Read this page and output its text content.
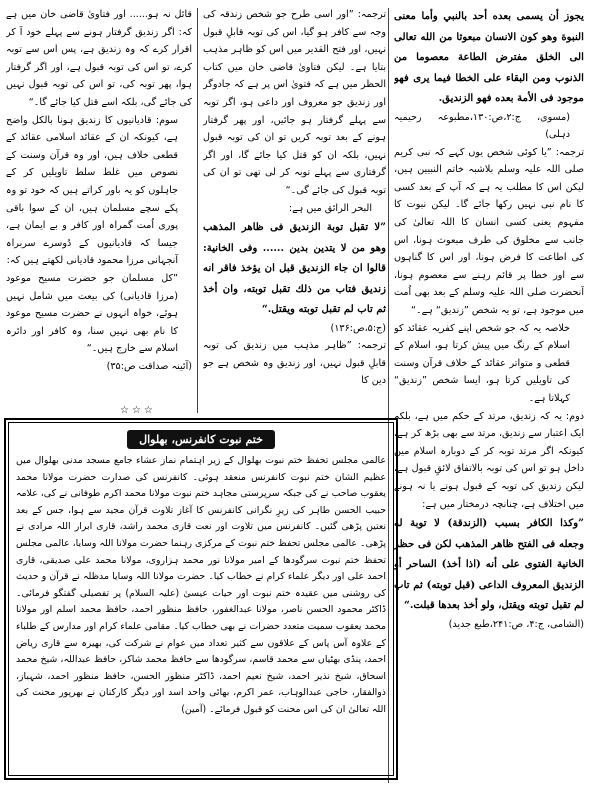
يجوز أن يسمى بعده أحد بالنبي وأما معنى النبوة وهو كون الانسان مبعوثا من الله تعالى الى الخلق مفترض الطاعة معصوما من الذنوب ومن البقاء على الخطا فيما يرى فهو موجود فى الأمة بعده فهو الزنديق.

(مسوی، ج:۲،ص:۱۳۰،مطبوعہ رحیمیہ دہلی)

ترجمہ: ”یا کوئی شخص یوں کہے کہ نبی کریم صلی اللہ علیہ وسلم بلاشبہ خاتم النبیین ہیں، لیکن اس کا مطلب یہ ہے کہ آپ کے بعد کسی کا نام نبی نہیں رکھا جائے گا۔ لیکن نبوت کا مفہوم یعنی کسی انسان کا اللہ تعالیٰ کی جانب سے مخلوق کی طرف مبعوث ہونا، اس کی اطاعت کا فرض ہونا، اور اس کا گناہوں سے اور خطا پر قائم رہنے سے معصوم ہونا، آنحضرت صلی اللہ علیہ وسلم کے بعد بھی اُمت میں موجود ہے، تو یہ شخص ”زندیق“ ہے۔“

خلاصہ یہ کہ جو شخص اپنے کفریہ عقائد کو اسلام کے رنگ میں پیش کرتا ہو، اسلام کے قطعی و متواتر عقائد کے خلاف قرآن وسنت کی تاویلیں کرتا ہو، ایسا شخص ”زندیق“ کہلاتا ہے۔

دوم: یہ کہ زندیق، مرتد کے حکم میں ہے، بلکہ ایک اعتبار سے زندیق، مرتد سے بھی بڑھ کر ہے، کیونکہ اگر مرتد توبہ کر کے دوبارہ اسلام میں داخل ہو تو اس کی توبہ بالاتفاق لائقِ قبول ہے، لیکن زندیق کی توبہ کے قبول ہونے یا نہ ہونے میں اختلاف ہے، چنانچہ درمختار میں ہے:

”وكذا الكافر بسبب (الزندقة) لا توبة له وجعله فى الفتح ظاهر المذهب لكن فى حظر الخانية الفتوى على أنه (اذا أخذ) الساحر أو الزنديق المعروف الداعى (قبل توبته) ثم تاب لم تقبل توبته ويقتل، ولو أخذ بعدها قبلت.“

(الشامی، ج:۴، ص:۲۴۱،طبع جدید)

ترجمہ: ”اور اسی طرح جو شخص زندقہ کی وجہ سے کافر ہو گیا، اس کی توبہ قابلِ قبول نہیں، اور فتح القدیر میں اس کو ظاہر مذہب بتایا ہے۔ لیکن فتاویٰ قاضی خان میں کتاب الحظر میں ہے کہ فتویٰ اس پر ہے کہ جادوگر اور زندیق جو معروف اور داعی ہو، اگر توبہ سے پہلے گرفتار ہو جائیں، اور پھر گرفتار ہونے کے بعد توبہ کریں تو ان کی توبہ قبول نہیں، بلکہ ان کو قتل کیا جائے گا، اور اگر گرفتاری سے پہلے توبہ کر لی تھی تو ان کی توبہ قبول کی جائے گی۔“

البحر الرائق میں ہے:

”لا تقبل توبة الزنديق فى ظاهر المذهب وهو من لا يتدين بدين ...... وفى الخانية: قالوا ان جاء الزنديق قبل ان يؤخذ فاقر انه زنديق فتاب من ذلك تقبل توبته، وان أخذ ثم تاب لم تقبل توبته ويقتل.“

(ج:۵،ص:۱۳۶)

ترجمہ: ”ظاہر مذہب میں زندیق کی توبہ قابلِ قبول نہیں، اور زندیق وہ شخص ہے جو دین کا

قائل نہ ہو...... اور فتاویٰ قاضی خان میں ہے کہ: اگر زندیق گرفتار ہونے سے پہلے خود آ کر اقرار کرے کہ وہ زندیق ہے، پس اس سے توبہ کرے، تو اس کی توبہ قبول ہے، اور اگر گرفتار ہوا، پھر توبہ کی، تو اس کی توبہ قبول نہیں کی جائے گی، بلکہ اسے قتل کیا جائے گا۔“

سوم: قادیانیوں کا زندیق ہونا بالکل واضح ہے، کیونکہ ان کے عقائد اسلامی عقائد کے قطعی خلاف ہیں، اور وہ قرآن وسنت کے نصوص میں غلط سلط تاویلیں کر کے جاہلوں کو یہ باور کراتے ہیں کہ خود تو وہ پکے سچے مسلمان ہیں، ان کے سوا باقی پوری اُمت گمراہ اور کافر و بے ایمان ہے، جیسا کہ قادیانیوں کے دُوسرے سربراہ آنجہانی مرزا محمود قادیانی لکھتے ہیں کہ:

”کل مسلمان جو حضرت مسیح موعود (مرزا قادیانی) کی بیعت میں شامل نہیں ہوئے، خواہ انہوں نے حضرت مسیح موعود کا نام بھی نہیں سنا، وہ کافر اور دائرہ اسلام سے خارج ہیں۔“

(آئینہ صداقت ص:۳۵)

☆☆☆
ختم نبوت کانفرنس، بھلوال
عالمی مجلس تحفظ ختم نبوت بھلوال کے زیر اہتمام نماز عشاء جامع مسجد مدنی بھلوال میں عظیم الشان ختم نبوت کانفرنس منعقد ہوئی۔ کانفرنس کی صدارت حضرت مولانا محمد یعقوب صاحب نے کی جبکہ سرپرستی مجاہد ختم نبوت مولانا محمد اکرم طوفانی نے کی، علامہ حبیب الحسن طاہر کی زیرِ نگرانی کانفرنس کا آغاز تلاوت قرآن مجید سے ہوا، جس کے بعد نعتیں پڑھی گئیں۔ کانفرنس میں تلاوت اور نعت قاری محمد راشد، قاری ابرار اللہ مرادی نے پڑھی۔ عالمی مجلس تحفظ ختم نبوت کے مرکزی رہنما حضرت مولانا اللہ وسایا، عالمی مجلس تحفظ ختم نبوت سرگودھا کے امیر مولانا نور محمد ہزاروی، مولانا محمد علی صدیقی، قاری احمد علی اور دیگر علماء کرام نے خطاب کیا۔ حضرت مولانا اللہ وسایا مدظلہ نے قرآن و حدیث کی روشنی میں عقیدہ ختم نبوت اور حیات عیسیٰ (علیہ السلام) پر تفصیلی گفتگو فرمائی۔ ڈاکٹر محمود الحسن ناصر، مولانا عبدالغفور، حافظ منظور احمد، حافظ محمد اسلم اور مولانا محمد یعقوب سمیت متعدد حضرات نے بھی خطاب کیا۔ مقامی علماء کرام اور مدارس کے طلباء کے علاوہ آس پاس کے علاقوں سے کثیر تعداد میں عوام نے شرکت کی، بھیرہ سے قاری ریاض احمد، پنڈی بھٹیاں سے محمد قاسم، سرگودھا سے حافظ محمد شاکر، حافظ عبداللہ، شیخ محمد اسحاق، شیخ نذیر احمد، شیخ نعیم احمد، ڈاکٹر منظور الحسن، حافظ منظور احمد، شہباز، ذوالفقار، حاجی عبدالوہاب، عمر اکرم، بھائی واحد اسد اور دیگر کارکنان نے بھرپور محنت کی اللہ تعالیٰ ان کی اس محنت کو قبول فرمائے۔ (آمین)
